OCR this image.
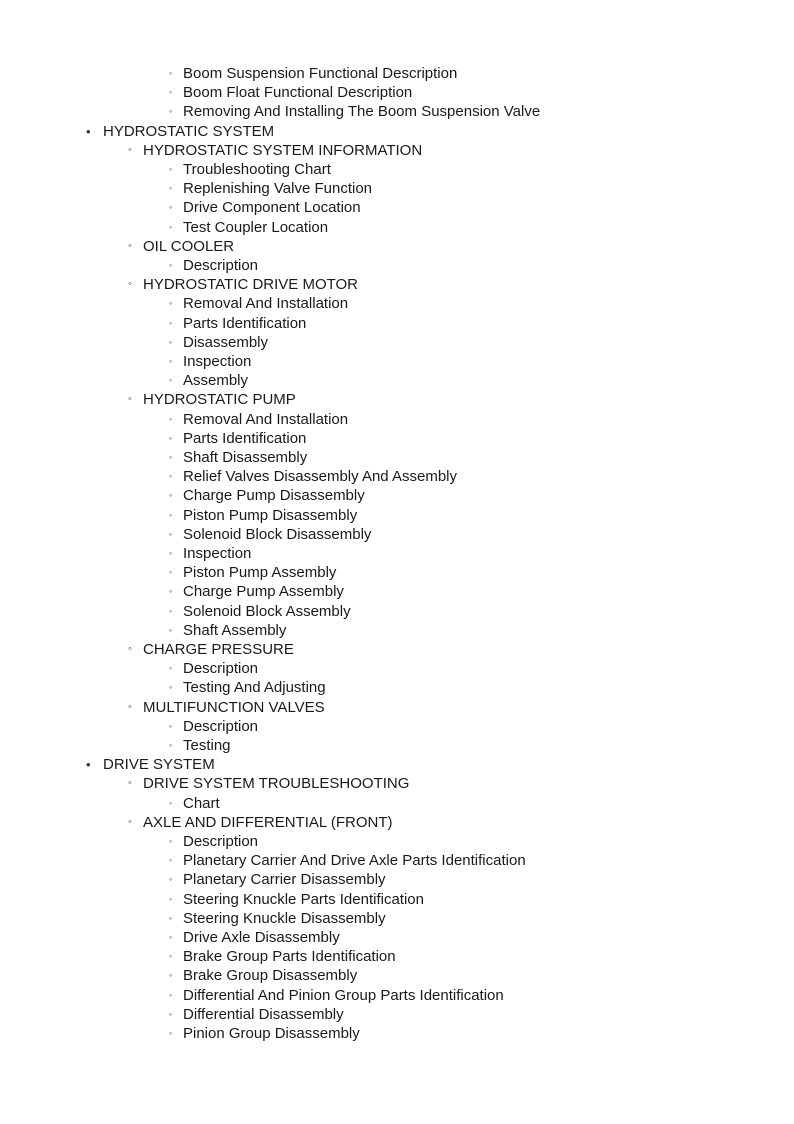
◦ Boom Suspension Functional Description
◦ Boom Float Functional Description
◦ Removing And Installing The Boom Suspension Valve
• HYDROSTATIC SYSTEM
◦ HYDROSTATIC SYSTEM INFORMATION
◦ Troubleshooting Chart
◦ Replenishing Valve Function
◦ Drive Component Location
◦ Test Coupler Location
◦ OIL COOLER
◦ Description
◦ HYDROSTATIC DRIVE MOTOR
◦ Removal And Installation
◦ Parts Identification
◦ Disassembly
◦ Inspection
◦ Assembly
◦ HYDROSTATIC PUMP
◦ Removal And Installation
◦ Parts Identification
◦ Shaft Disassembly
◦ Relief Valves Disassembly And Assembly
◦ Charge Pump Disassembly
◦ Piston Pump Disassembly
◦ Solenoid Block Disassembly
◦ Inspection
◦ Piston Pump Assembly
◦ Charge Pump Assembly
◦ Solenoid Block Assembly
◦ Shaft Assembly
◦ CHARGE PRESSURE
◦ Description
◦ Testing And Adjusting
◦ MULTIFUNCTION VALVES
◦ Description
◦ Testing
• DRIVE SYSTEM
◦ DRIVE SYSTEM TROUBLESHOOTING
◦ Chart
◦ AXLE AND DIFFERENTIAL (FRONT)
◦ Description
◦ Planetary Carrier And Drive Axle Parts Identification
◦ Planetary Carrier Disassembly
◦ Steering Knuckle Parts Identification
◦ Steering Knuckle Disassembly
◦ Drive Axle Disassembly
◦ Brake Group Parts Identification
◦ Brake Group Disassembly
◦ Differential And Pinion Group Parts Identification
◦ Differential Disassembly
◦ Pinion Group Disassembly
